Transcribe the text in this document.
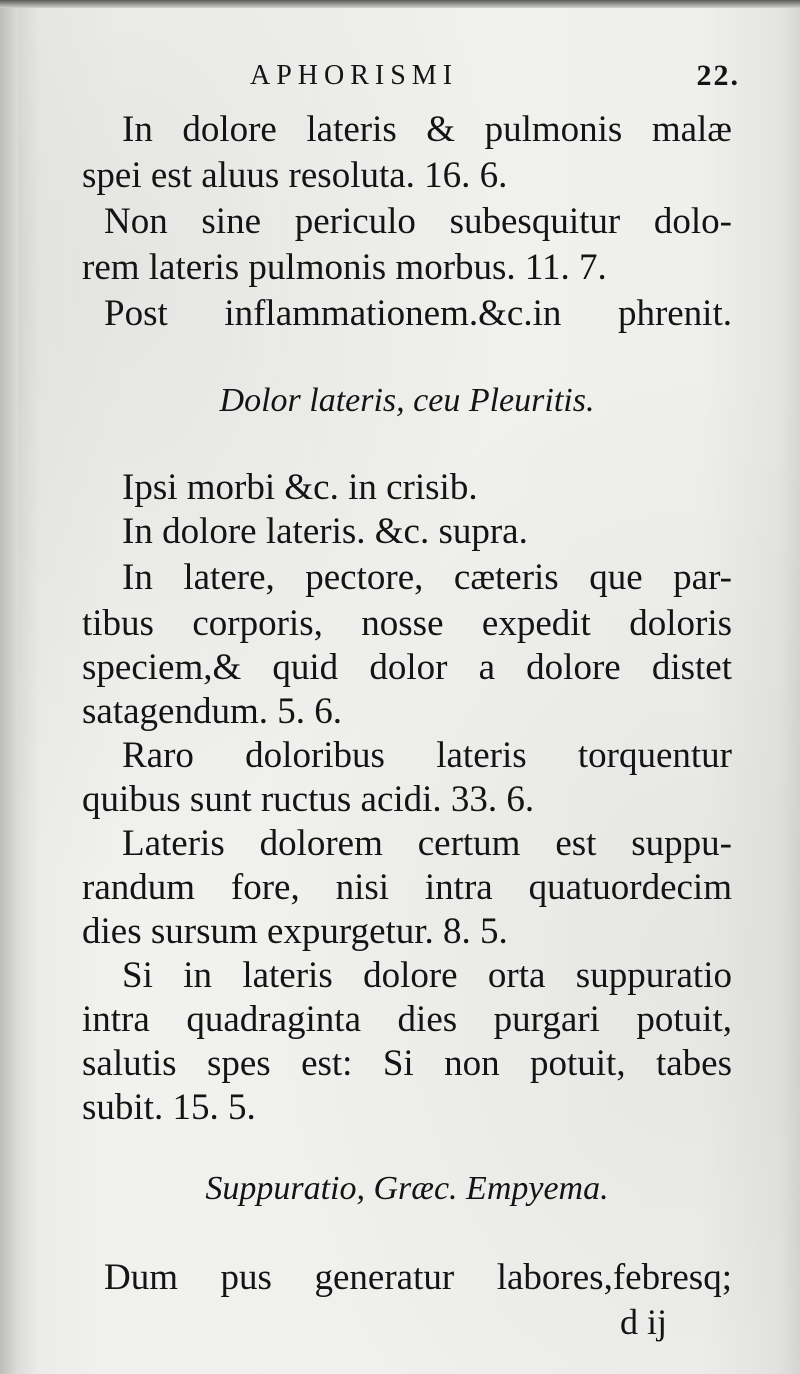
APHORISMI	22.
In dolore lateris & pulmonis malæ
spei est aluus resoluta. 16. 6.
Non sine periculo subesquitur dolo-
rem lateris pulmonis morbus. 11. 7.
Post inflammationem.&c.in phrenit.
Dolor lateris, ceu Pleuritis.
Ipsi morbi &c. in crisib.
In dolore lateris. &c. supra.
In latere, pectore, cæteris que par-
tibus corporis, nosse expedit doloris
speciem,& quid dolor a dolore distet
satagendum. 5. 6.
Raro doloribus lateris torquentur
quibus sunt ructus acidi. 33. 6.
Lateris dolorem certum est suppu-
randum fore, nisi intra quatuordecim
dies sursum expurgetur. 8. 5.
Si in lateris dolore orta suppuratio
intra quadraginta dies purgari potuit,
salutis spes est: Si non potuit, tabes
subit. 15. 5.
Suppuratio, Græc. Empyema.
Dum pus generatur labores,febresq;
d ij
